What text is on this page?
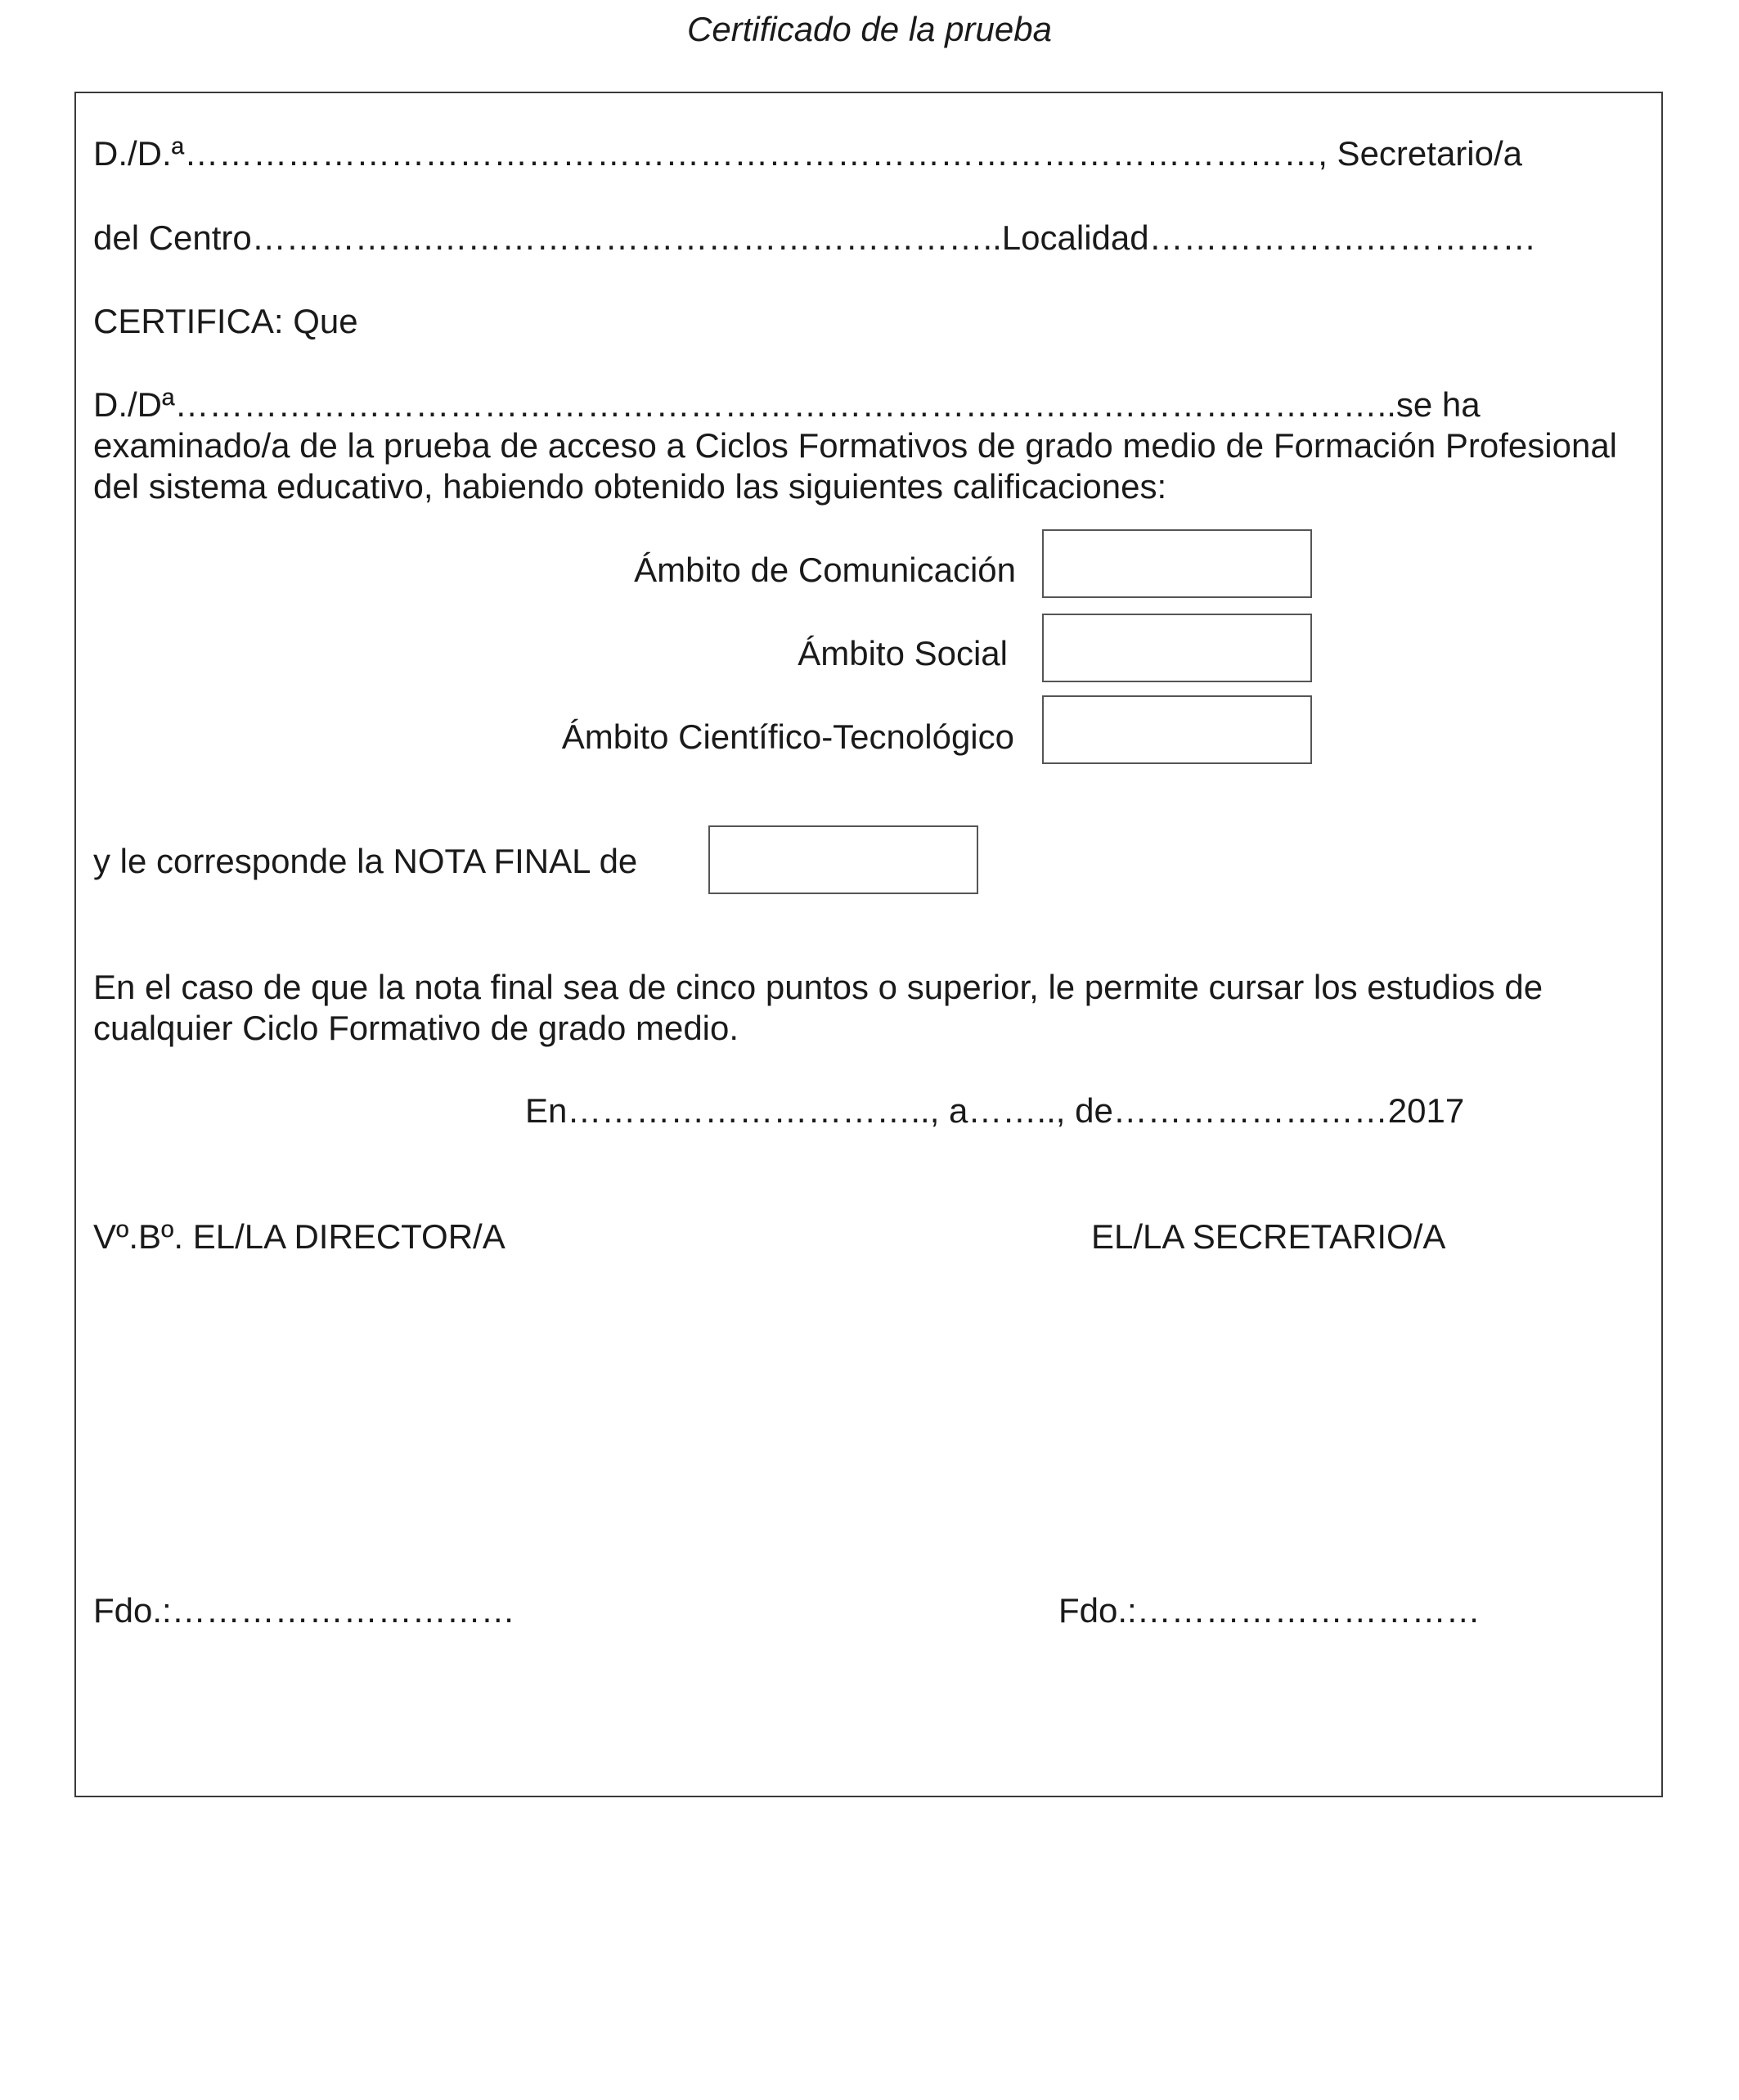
Certificado de la prueba
D./D.ª………………………………………………………………………………………, Secretario/a
del Centro…………….…………………………………………..Localidad……………….……………
CERTIFICA: Que
D./Dª……………………………………………………………………………………………..se ha
examinado/a de la prueba de acceso a Ciclos Formativos de grado medio de Formación Profesional del sistema educativo, habiendo obtenido las siguientes calificaciones:
Ámbito de Comunicación
Ámbito Social
Ámbito Científico-Tecnológico
y le corresponde la NOTA FINAL de
En el caso de que la nota final sea de cinco puntos o superior, le permite cursar los estudios de cualquier Ciclo Formativo de grado medio.
En………………………….., a…….., de……………………2017
Vº.Bº. EL/LA DIRECTOR/A	EL/LA SECRETARIO/A
Fdo.:…………………………	Fdo.:…………………………
